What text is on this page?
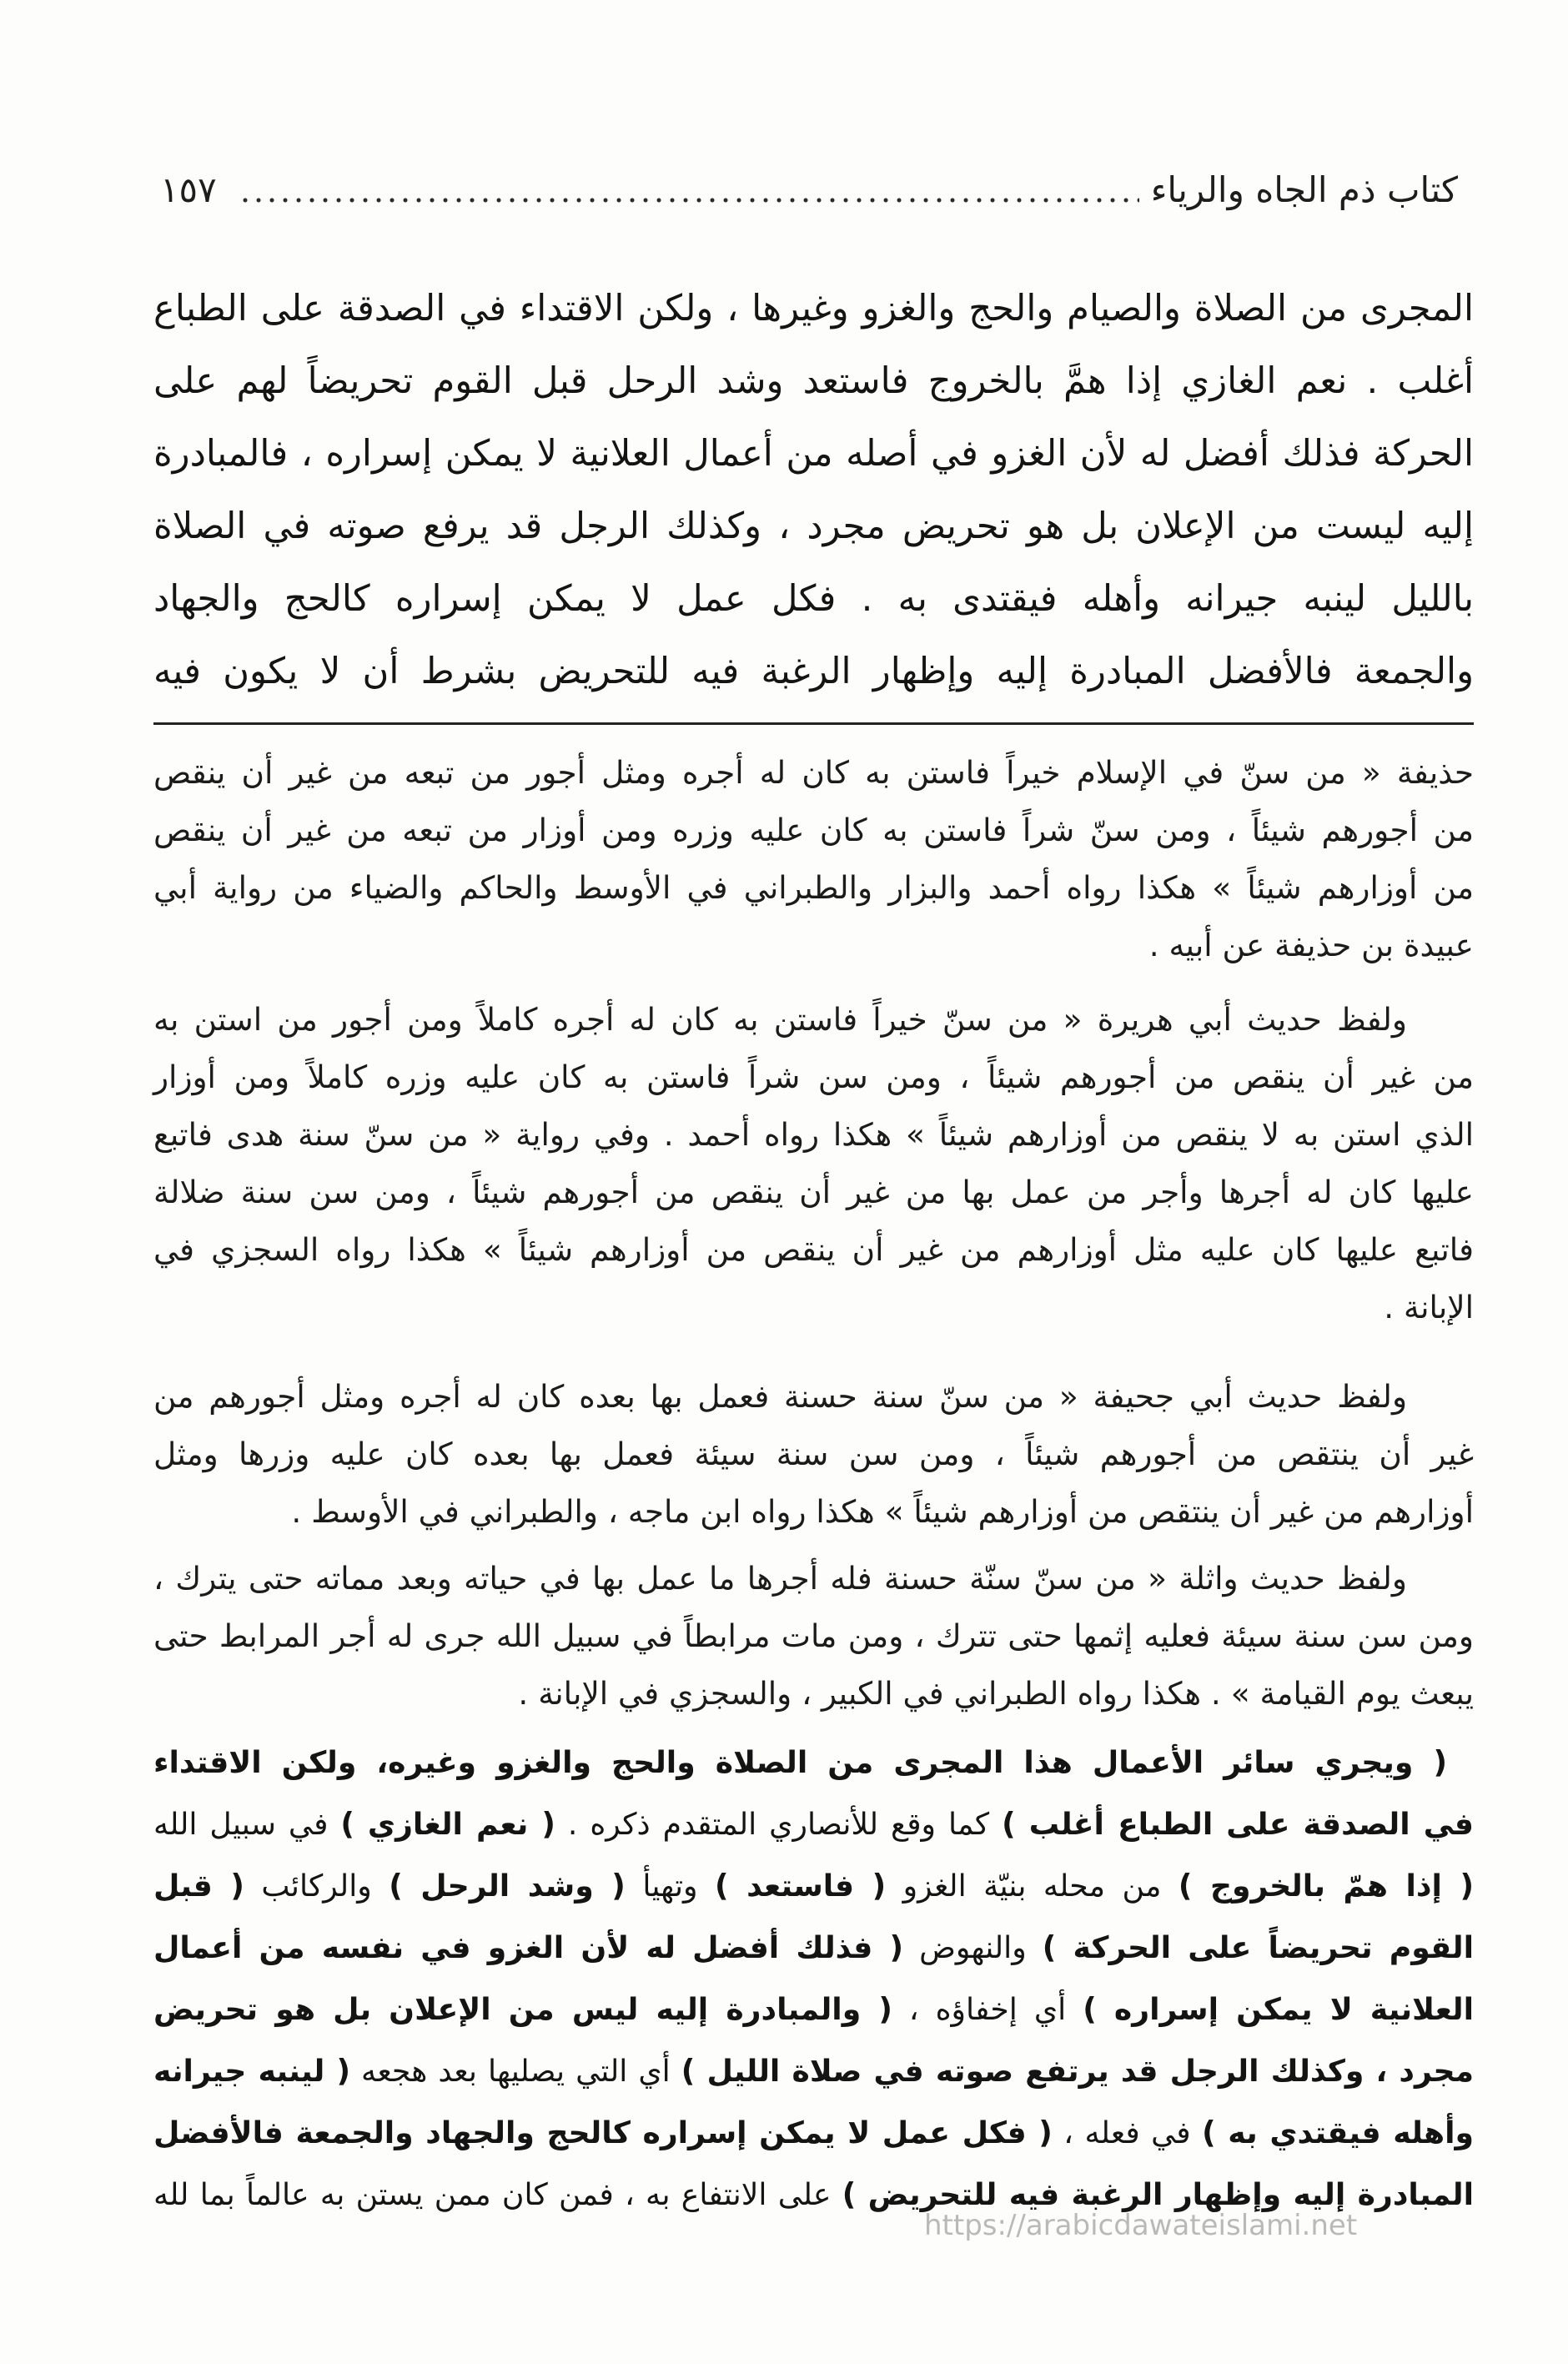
كتاب ذم الجاه والرياء
١٥٧
المجرى من الصلاة والصيام والحج والغزو وغيرها ، ولكن الاقتداء في الصدقة على الطباع
أغلب . نعم الغازي إذا همَّ بالخروج فاستعد وشد الرحل قبل القوم تحريضاً لهم على
الحركة فذلك أفضل له لأن الغزو في أصله من أعمال العلانية لا يمكن إسراره ، فالمبادرة
إليه ليست من الإعلان بل هو تحريض مجرد ، وكذلك الرجل قد يرفع صوته في الصلاة
بالليل لينبه جيرانه وأهله فيقتدى به . فكل عمل لا يمكن إسراره كالحج والجهاد
والجمعة فالأفضل المبادرة إليه وإظهار الرغبة فيه للتحريض بشرط أن لا يكون فيه
حذيفة « من سنّ في الإسلام خيراً فاستن به كان له أجره ومثل أجور من تبعه من غير أن ينقص
من أجورهم شيئاً ، ومن سنّ شراً فاستن به كان عليه وزره ومن أوزار من تبعه من غير أن ينقص
من أوزارهم شيئاً » هكذا رواه أحمد والبزار والطبراني في الأوسط والحاكم والضياء من رواية أبي
عبيدة بن حذيفة عن أبيه .
ولفظ حديث أبي هريرة « من سنّ خيراً فاستن به كان له أجره كاملاً ومن أجور من استن به
من غير أن ينقص من أجورهم شيئاً ، ومن سن شراً فاستن به كان عليه وزره كاملاً ومن أوزار
الذي استن به لا ينقص من أوزارهم شيئاً » هكذا رواه أحمد . وفي رواية « من سنّ سنة هدى فاتبع
عليها كان له أجرها وأجر من عمل بها من غير أن ينقص من أجورهم شيئاً ، ومن سن سنة ضلالة
فاتبع عليها كان عليه مثل أوزارهم من غير أن ينقص من أوزارهم شيئاً » هكذا رواه السجزي في
الإبانة .
ولفظ حديث أبي جحيفة « من سنّ سنة حسنة فعمل بها بعده كان له أجره ومثل أجورهم من
غير أن ينتقص من أجورهم شيئاً ، ومن سن سنة سيئة فعمل بها بعده كان عليه وزرها ومثل
أوزارهم من غير أن ينتقص من أوزارهم شيئاً » هكذا رواه ابن ماجه ، والطبراني في الأوسط .
ولفظ حديث واثلة « من سنّ سنّة حسنة فله أجرها ما عمل بها في حياته وبعد مماته حتى يترك ،
ومن سن سنة سيئة فعليه إثمها حتى تترك ، ومن مات مرابطاً في سبيل الله جرى له أجر المرابط حتى
يبعث يوم القيامة » . هكذا رواه الطبراني في الكبير ، والسجزي في الإبانة .
( ويجري سائر الأعمال هذا المجرى من الصلاة والحج والغزو وغيره، ولكن الاقتداء
في الصدقة على الطباع أغلب ) كما وقع للأنصاري المتقدم ذكره . ( نعم الغازي ) في سبيل الله
( إذا همّ بالخروج ) من محله بنيّة الغزو ( فاستعد ) وتهيأ ( وشد الرحل ) والركائب ( قبل
القوم تحريضاً على الحركة ) والنهوض ( فذلك أفضل له لأن الغزو في نفسه من أعمال
العلانية لا يمكن إسراره ) أي إخفاؤه ، ( والمبادرة إليه ليس من الإعلان بل هو تحريض
مجرد ، وكذلك الرجل قد يرتفع صوته في صلاة الليل ) أي التي يصليها بعد هجعه ( لينبه جيرانه
وأهله فيقتدي به ) في فعله ، ( فكل عمل لا يمكن إسراره كالحج والجهاد والجمعة فالأفضل
المبادرة إليه وإظهار الرغبة فيه للتحريض ) على الانتفاع به ، فمن كان ممن يستن به عالماً بما لله
https://arabicdawateislami.net
